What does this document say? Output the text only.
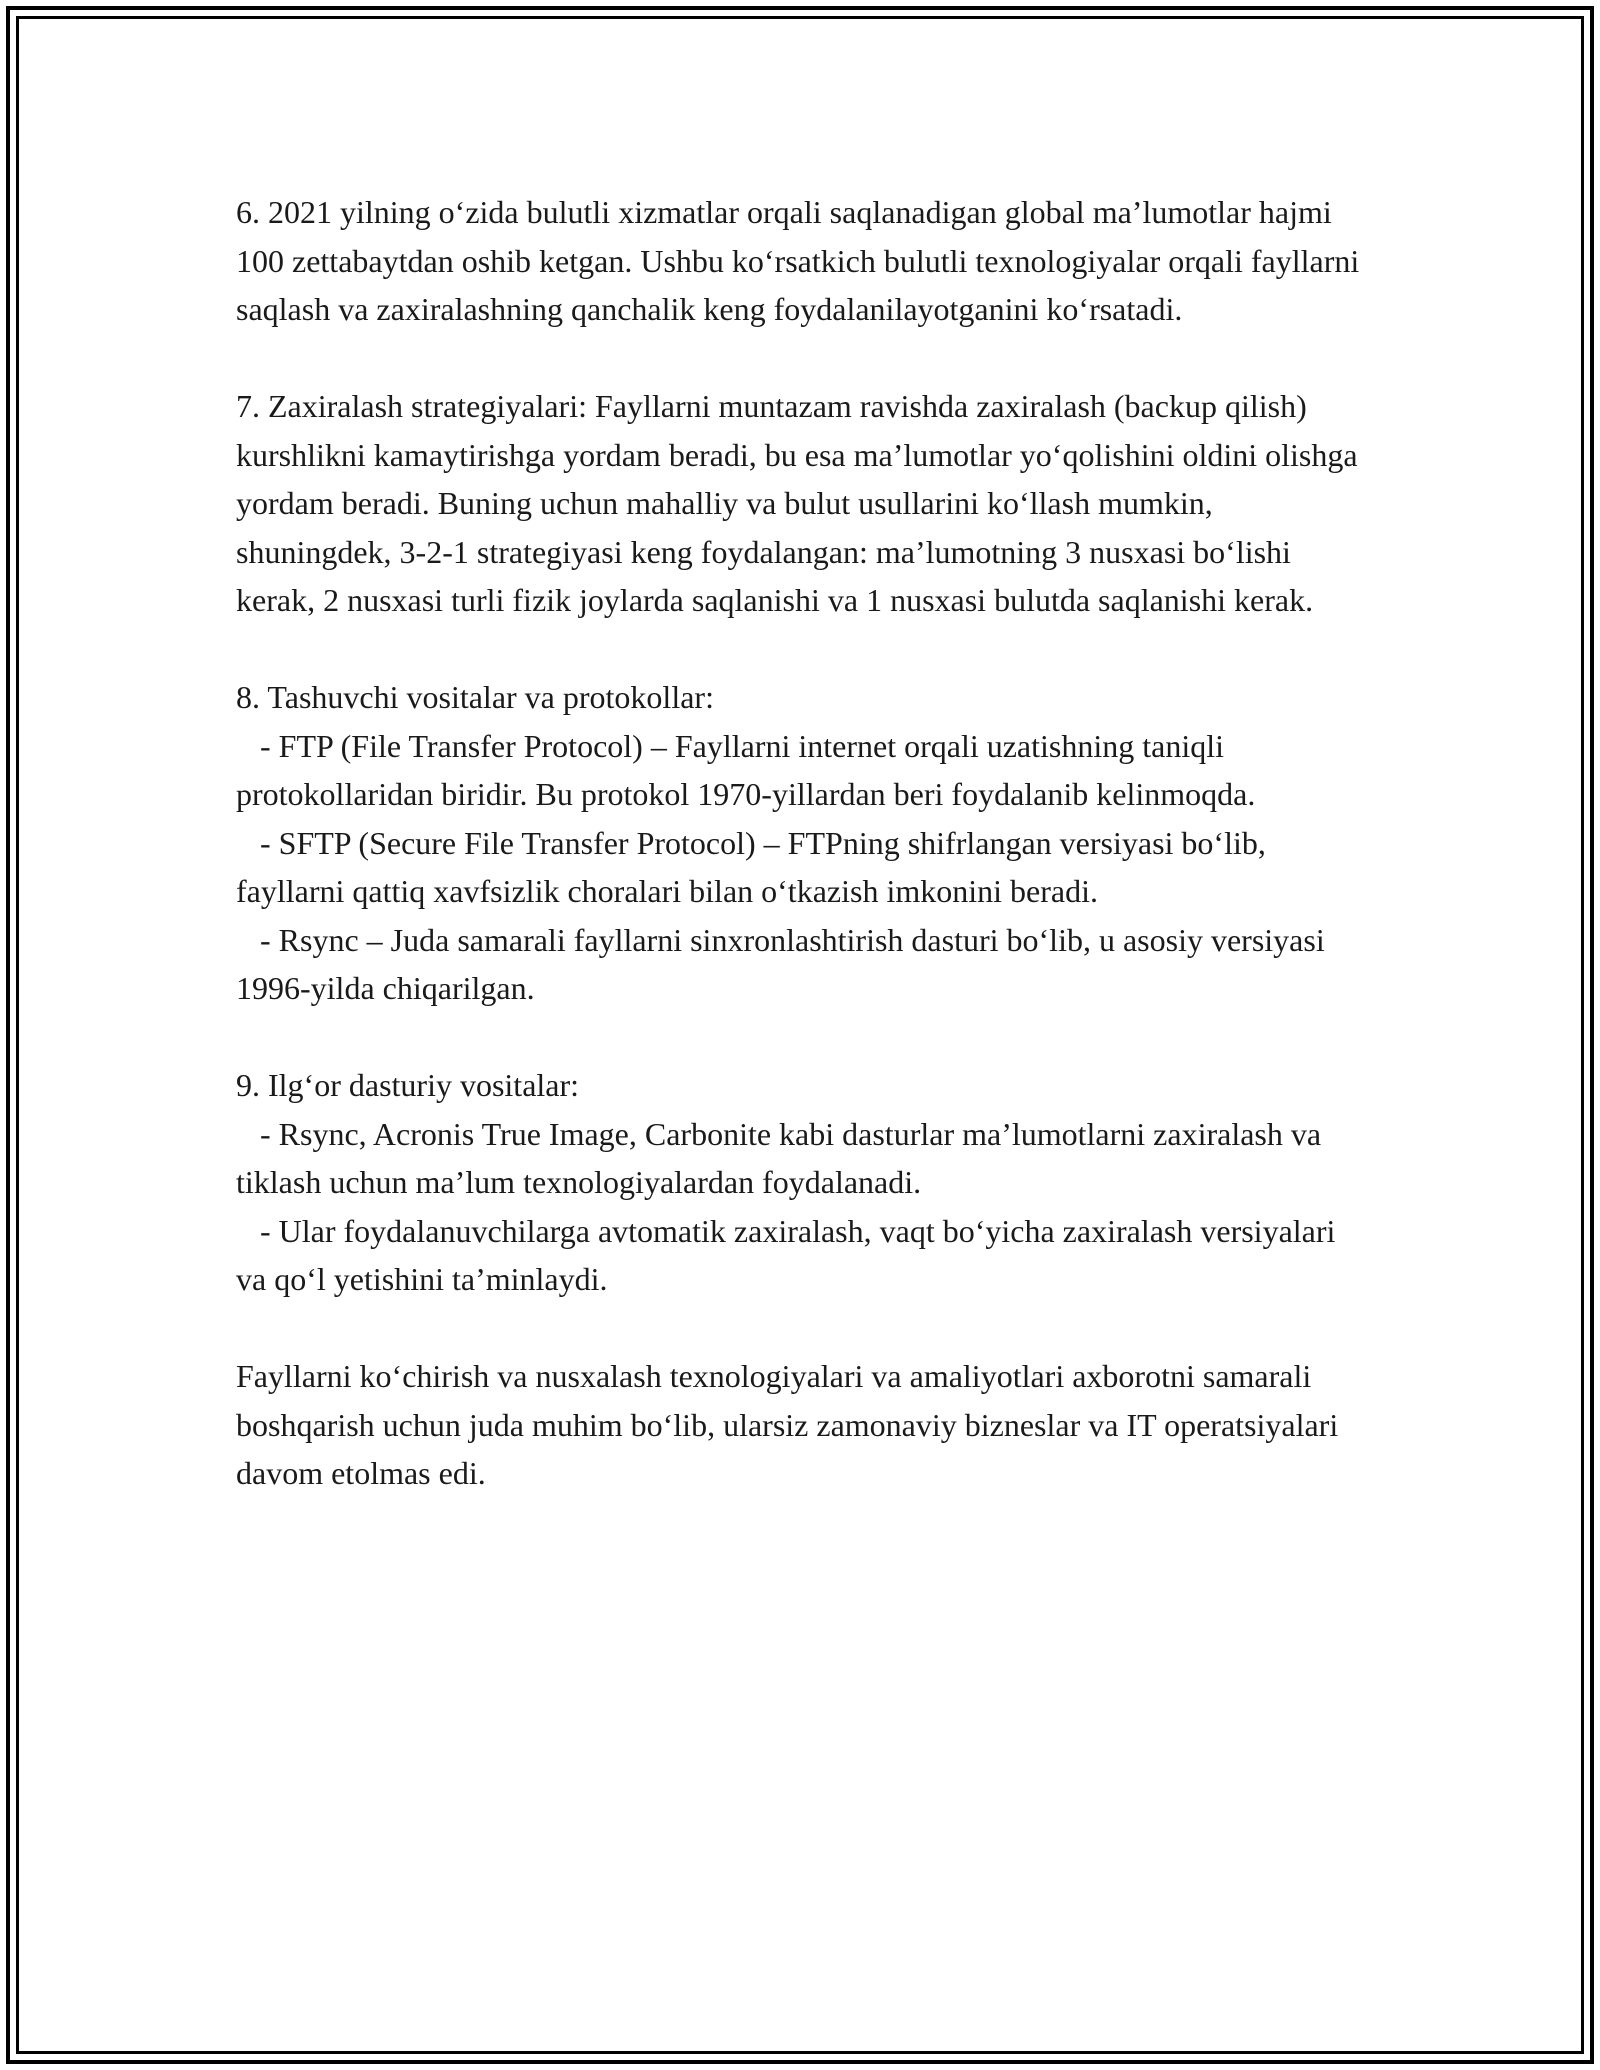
6. 2021 yilning o‘zida bulutli xizmatlar orqali saqlanadigan global ma’lumotlar hajmi 100 zettabaytdan oshib ketgan. Ushbu ko‘rsatkich bulutli texnologiyalar orqali fayllarni saqlash va zaxiralashning qanchalik keng foydalanilayotganini ko‘rsatadi.

7. Zaxiralash strategiyalari: Fayllarni muntazam ravishda zaxiralash (backup qilish) kurshlikni kamaytirishga yordam beradi, bu esa ma’lumotlar yo‘qolishini oldini olishga yordam beradi. Buning uchun mahalliy va bulut usullarini ko‘llash mumkin, shuningdek, 3-2-1 strategiyasi keng foydalangan: ma’lumotning 3 nusxasi bo‘lishi kerak, 2 nusxasi turli fizik joylarda saqlanishi va 1 nusxasi bulutda saqlanishi kerak.

8. Tashuvchi vositalar va protokollar:

- FTP (File Transfer Protocol) – Fayllarni internet orqali uzatishning taniqli protokollaridan biridir. Bu protokol 1970-yillardan beri foydalanib kelinmoqda.

- SFTP (Secure File Transfer Protocol) – FTPning shifrlangan versiyasi bo‘lib, fayllarni qattiq xavfsizlik choralari bilan o‘tkazish imkonini beradi.

- Rsync – Juda samarali fayllarni sinxronlashtirish dasturi bo‘lib, u asosiy versiyasi 1996-yilda chiqarilgan.

9. Ilg‘or dasturiy vositalar:

- Rsync, Acronis True Image, Carbonite kabi dasturlar ma’lumotlarni zaxiralash va tiklash uchun ma’lum texnologiyalardan foydalanadi.

- Ular foydalanuvchilarga avtomatik zaxiralash, vaqt bo‘yicha zaxiralash versiyalari va qo‘l yetishini ta’minlaydi.

Fayllarni ko‘chirish va nusxalash texnologiyalari va amaliyotlari axborotni samarali boshqarish uchun juda muhim bo‘lib, ularsiz zamonaviy bizneslar va IT operatsiyalari davom etolmas edi.
